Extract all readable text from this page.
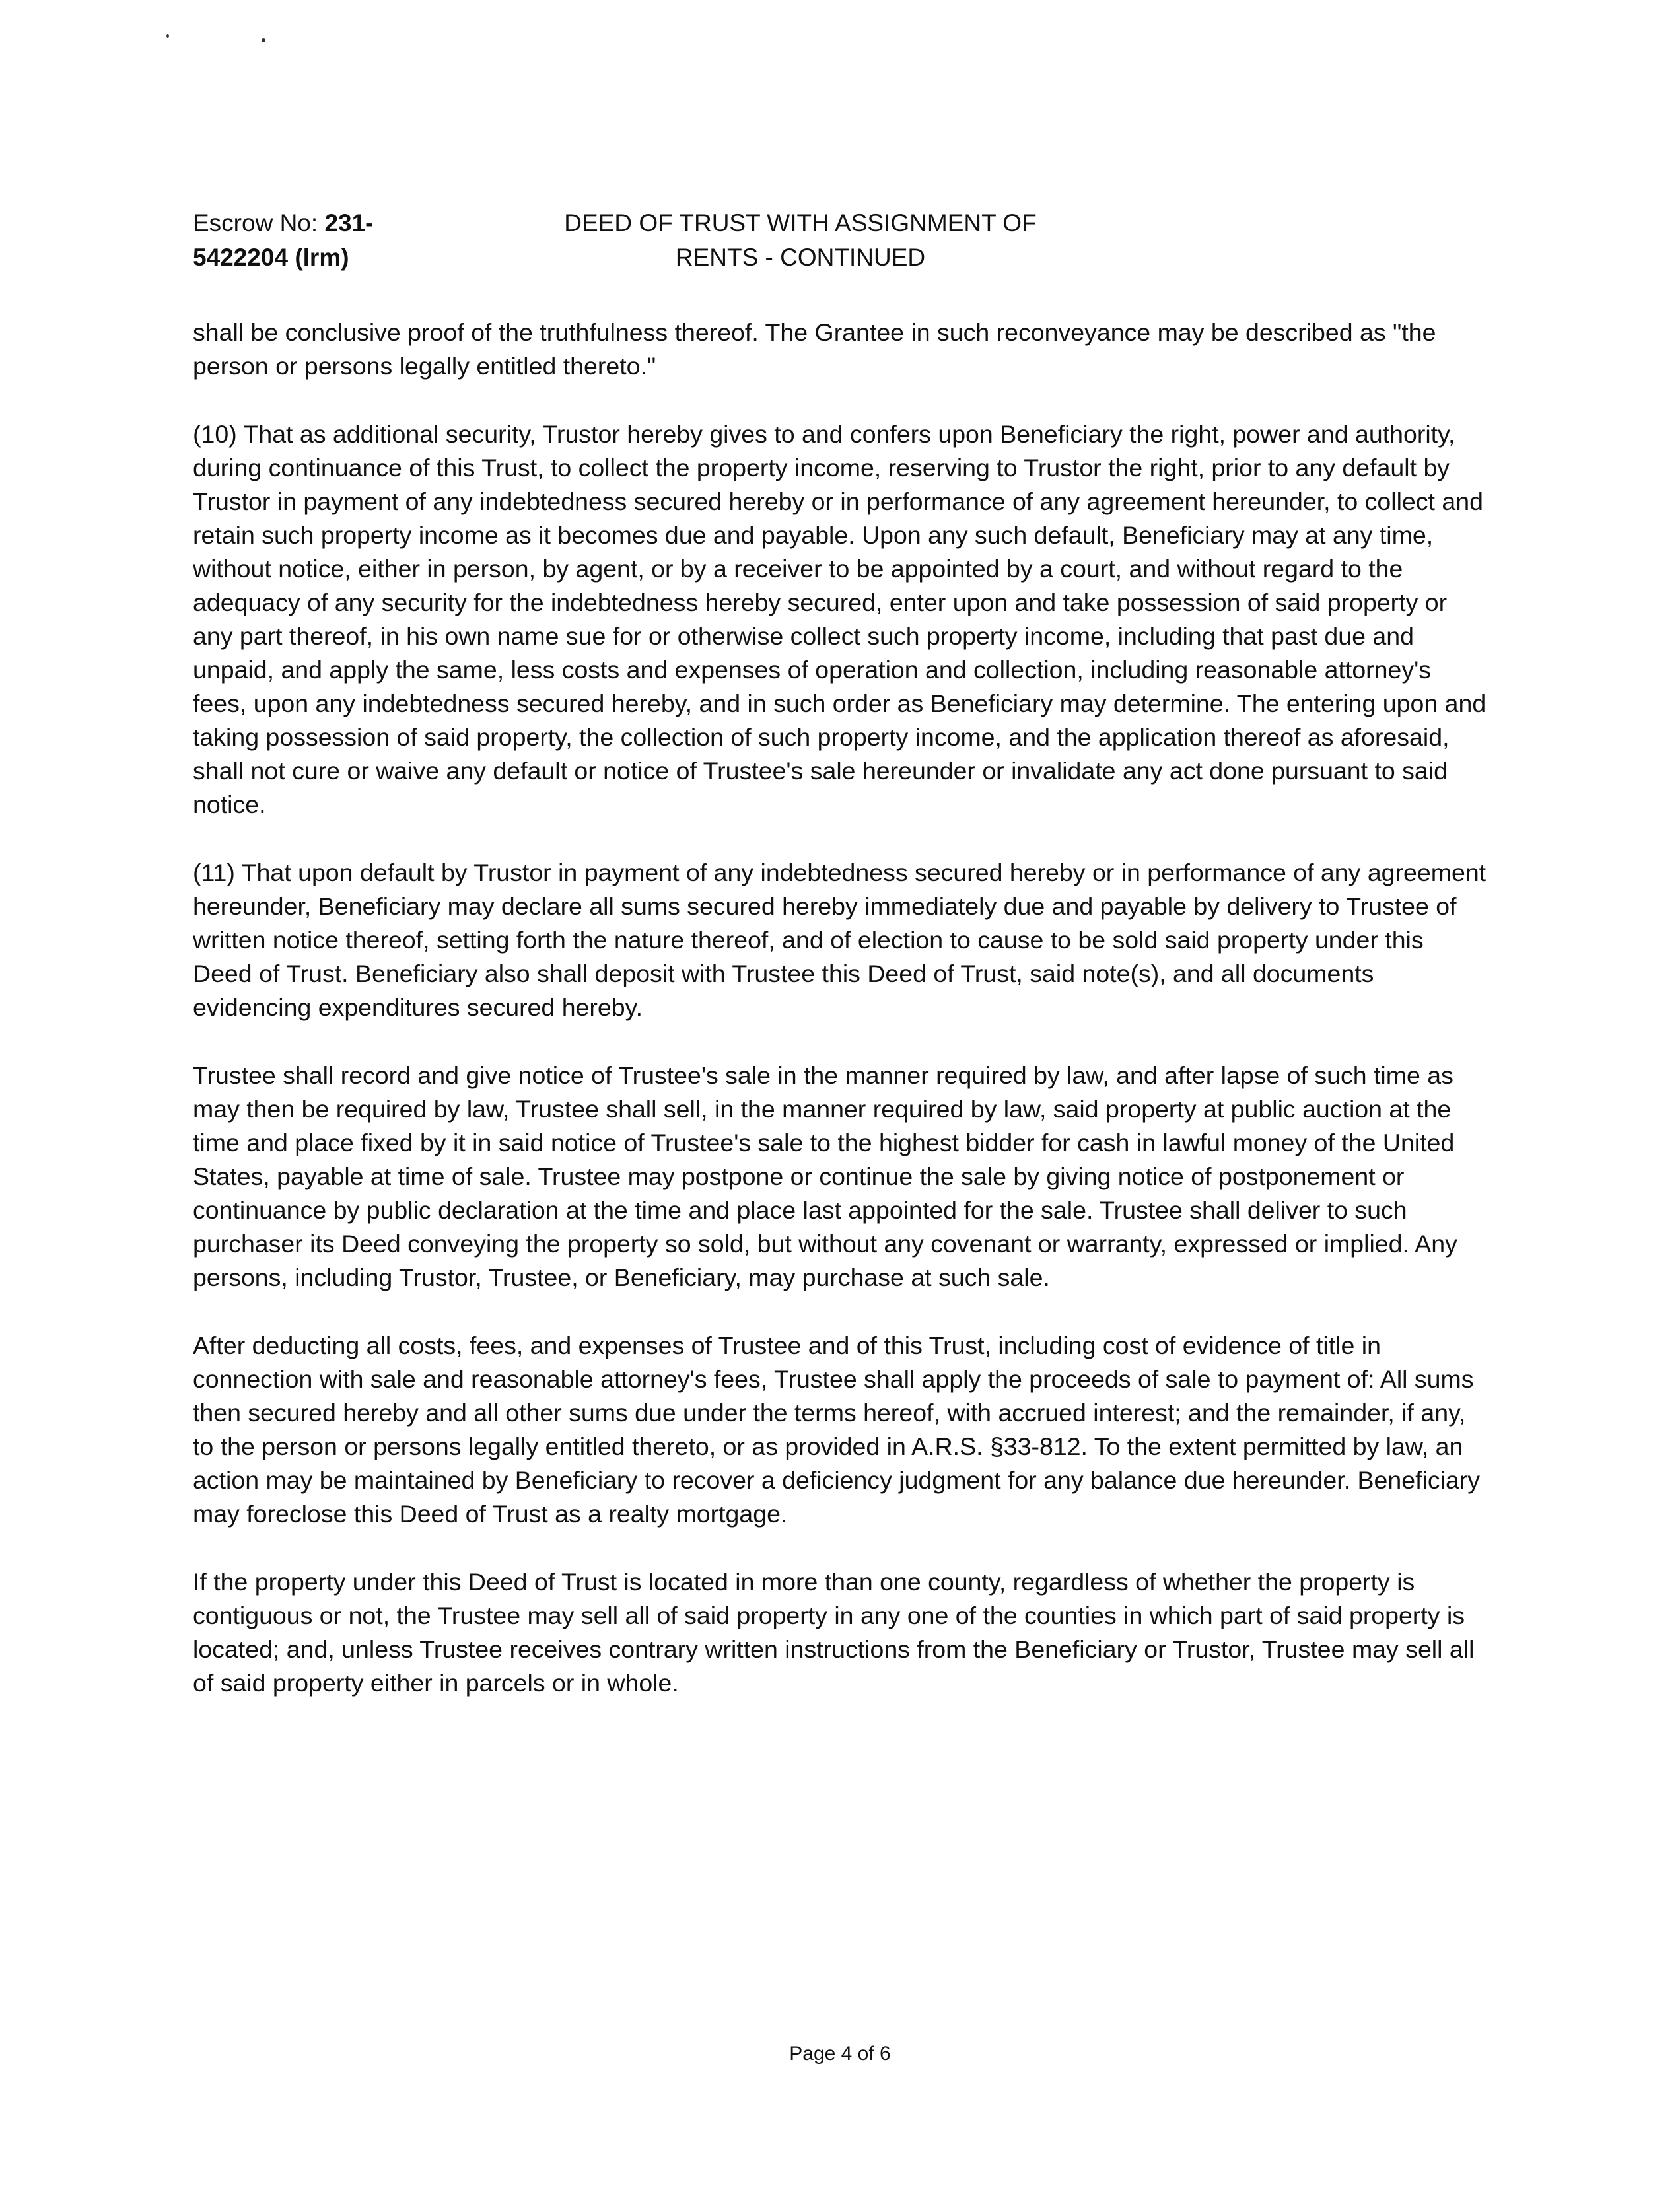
Escrow No: 231-
5422204 (lrm)
DEED OF TRUST WITH ASSIGNMENT OF
RENTS - CONTINUED

shall be conclusive proof of the truthfulness thereof. The Grantee in such reconveyance may be described as "the person or persons legally entitled thereto."

(10) That as additional security, Trustor hereby gives to and confers upon Beneficiary the right, power and authority, during continuance of this Trust, to collect the property income, reserving to Trustor the right, prior to any default by Trustor in payment of any indebtedness secured hereby or in performance of any agreement hereunder, to collect and retain such property income as it becomes due and payable. Upon any such default, Beneficiary may at any time, without notice, either in person, by agent, or by a receiver to be appointed by a court, and without regard to the adequacy of any security for the indebtedness hereby secured, enter upon and take possession of said property or any part thereof, in his own name sue for or otherwise collect such property income, including that past due and unpaid, and apply the same, less costs and expenses of operation and collection, including reasonable attorney's fees, upon any indebtedness secured hereby, and in such order as Beneficiary may determine. The entering upon and taking possession of said property, the collection of such property income, and the application thereof as aforesaid, shall not cure or waive any default or notice of Trustee's sale hereunder or invalidate any act done pursuant to said notice.

(11) That upon default by Trustor in payment of any indebtedness secured hereby or in performance of any agreement hereunder, Beneficiary may declare all sums secured hereby immediately due and payable by delivery to Trustee of written notice thereof, setting forth the nature thereof, and of election to cause to be sold said property under this Deed of Trust. Beneficiary also shall deposit with Trustee this Deed of Trust, said note(s), and all documents evidencing expenditures secured hereby.

Trustee shall record and give notice of Trustee's sale in the manner required by law, and after lapse of such time as may then be required by law, Trustee shall sell, in the manner required by law, said property at public auction at the time and place fixed by it in said notice of Trustee's sale to the highest bidder for cash in lawful money of the United States, payable at time of sale. Trustee may postpone or continue the sale by giving notice of postponement or continuance by public declaration at the time and place last appointed for the sale. Trustee shall deliver to such purchaser its Deed conveying the property so sold, but without any covenant or warranty, expressed or implied. Any persons, including Trustor, Trustee, or Beneficiary, may purchase at such sale.

After deducting all costs, fees, and expenses of Trustee and of this Trust, including cost of evidence of title in connection with sale and reasonable attorney's fees, Trustee shall apply the proceeds of sale to payment of: All sums then secured hereby and all other sums due under the terms hereof, with accrued interest; and the remainder, if any, to the person or persons legally entitled thereto, or as provided in A.R.S. §33-812. To the extent permitted by law, an action may be maintained by Beneficiary to recover a deficiency judgment for any balance due hereunder. Beneficiary may foreclose this Deed of Trust as a realty mortgage.

If the property under this Deed of Trust is located in more than one county, regardless of whether the property is contiguous or not, the Trustee may sell all of said property in any one of the counties in which part of said property is located; and, unless Trustee receives contrary written instructions from the Beneficiary or Trustor, Trustee may sell all of said property either in parcels or in whole.

Page 4 of 6
